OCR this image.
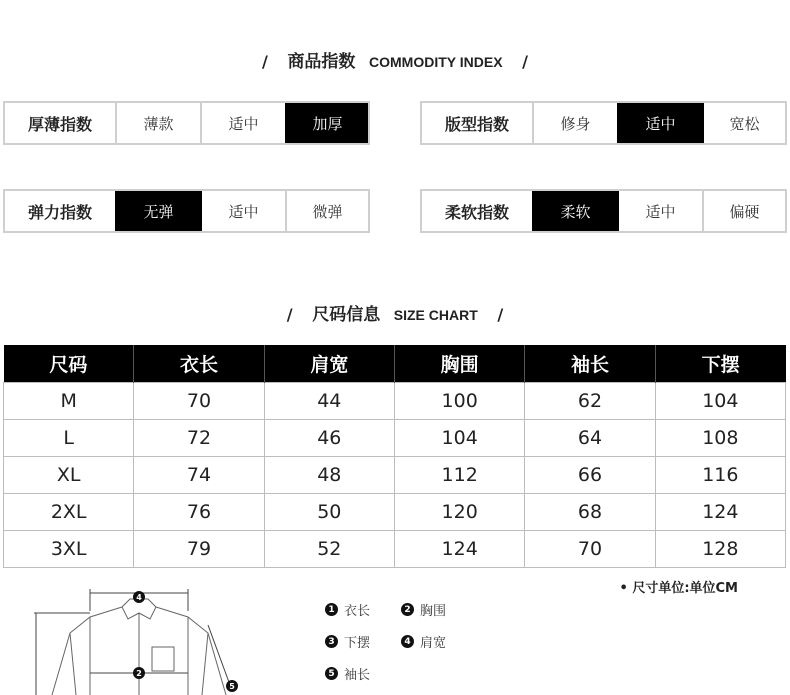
/ 商品指数 COMMODITY INDEX /
厚薄指数	薄款	适中	加厚	版型指数	修身	适中	宽松
弹力指数	无弹	适中	微弹	柔软指数	柔软	适中	偏硬
/ 尺码信息 SIZE CHART /
尺码	衣长	肩宽	胸围	袖长	下摆
M	70	44	100	62	104
L	72	46	104	64	108
XL	74	48	112	66	116
2XL	76	50	120	68	124
3XL	79	52	124	70	128
• 尺寸单位:单位CM
4
2
5
1 衣长	2 胸围
3 下摆	4 肩宽
5 袖长
